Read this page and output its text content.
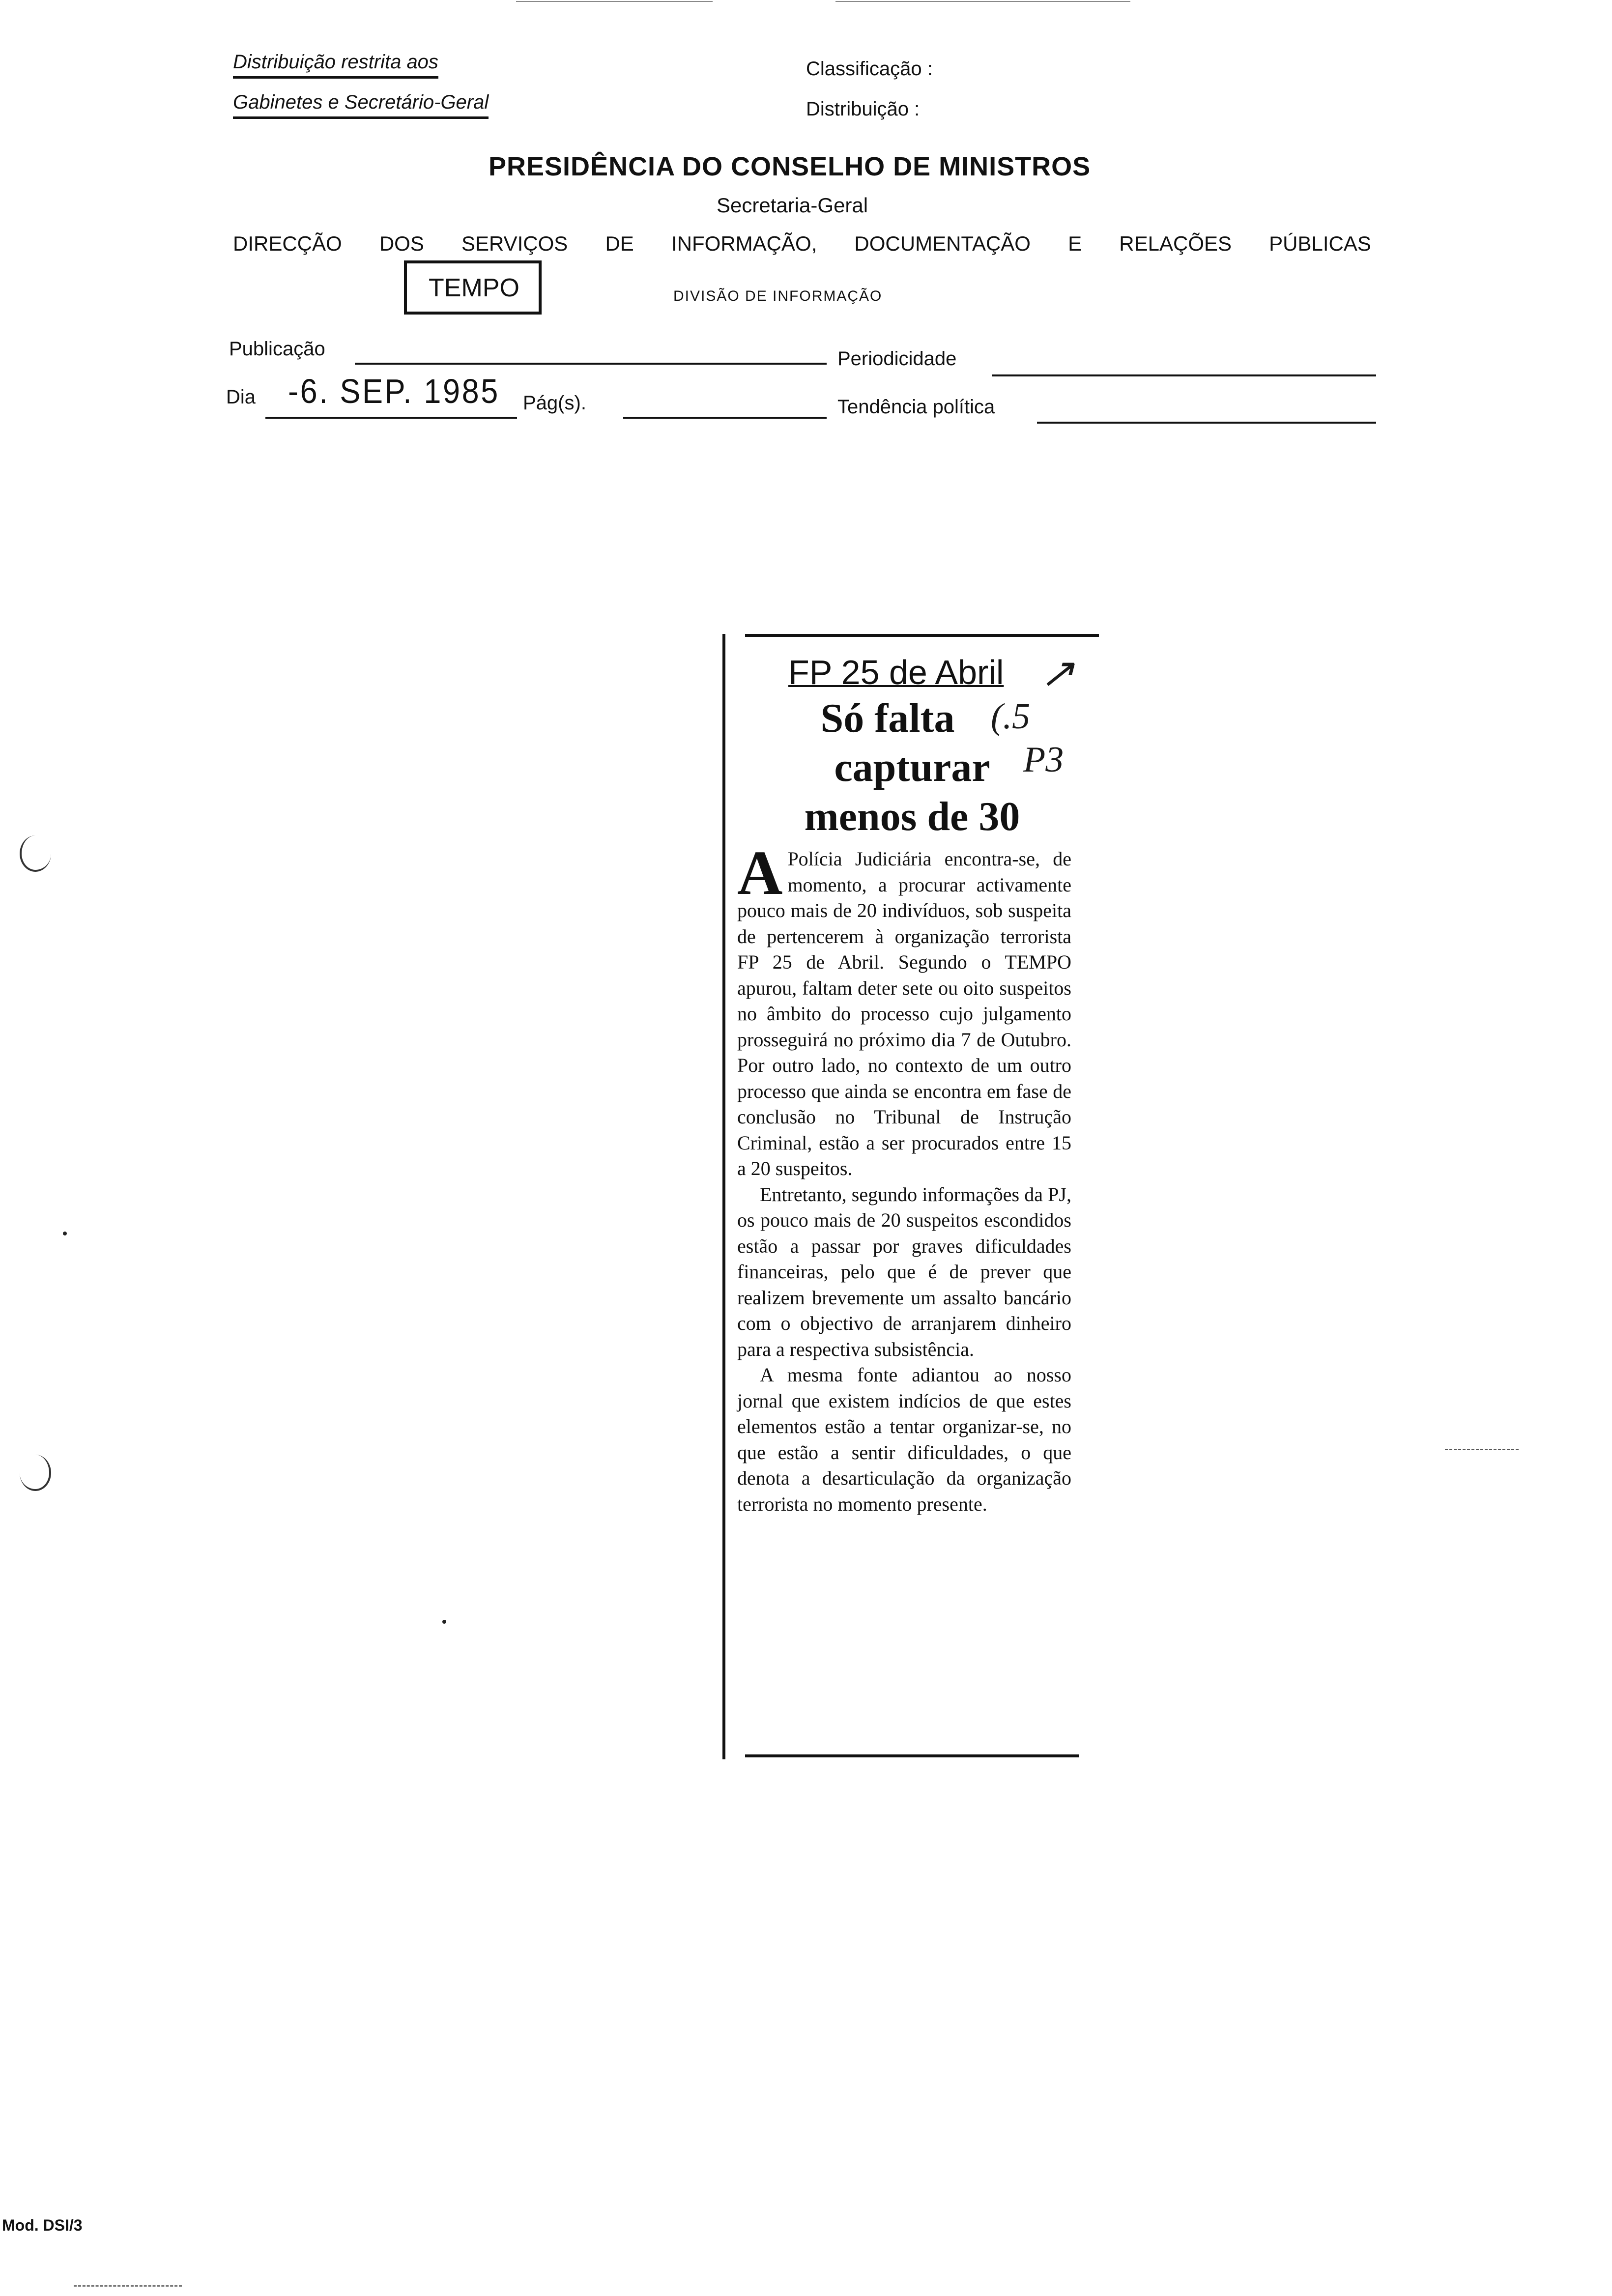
Distribuição restrita aos
Gabinetes e Secretário-Geral
Classificação :
Distribuição :
PRESIDÊNCIA DO CONSELHO DE MINISTROS
Secretaria-Geral
DIRECÇÃO DOS SERVIÇOS DE INFORMAÇÃO, DOCUMENTAÇÃO E RELAÇÕES PÚBLICAS
TEMPO	DIVISÃO DE INFORMAÇÃO
Publicação	Periodicidade
Dia -6. SEP. 1985 Pág(s).	Tendência política
FP 25 de Abril ↗
Só falta (.5
capturar P3
menos de 30

A Polícia Judiciária encontra-se, de momento, a procurar activamente pouco mais de 20 indivíduos, sob suspeita de pertencerem à organização terrorista FP 25 de Abril. Segundo o TEMPO apurou, faltam deter sete ou oito suspeitos no âmbito do processo cujo julgamento prosseguirá no próximo dia 7 de Outubro. Por outro lado, no contexto de um outro processo que ainda se encontra em fase de conclusão no Tribunal de Instrução Criminal, estão a ser procurados entre 15 a 20 suspeitos.

Entretanto, segundo informações da PJ, os pouco mais de 20 suspeitos escondidos estão a passar por graves dificuldades financeiras, pelo que é de prever que realizem brevemente um assalto bancário com o objectivo de arranjarem dinheiro para a respectiva subsistência.

A mesma fonte adiantou ao nosso jornal que existem indícios de que estes elementos estão a tentar organizar-se, no que estão a sentir dificuldades, o que denota a desarticulação da organização terrorista no momento presente.

Mod. DSI/3
